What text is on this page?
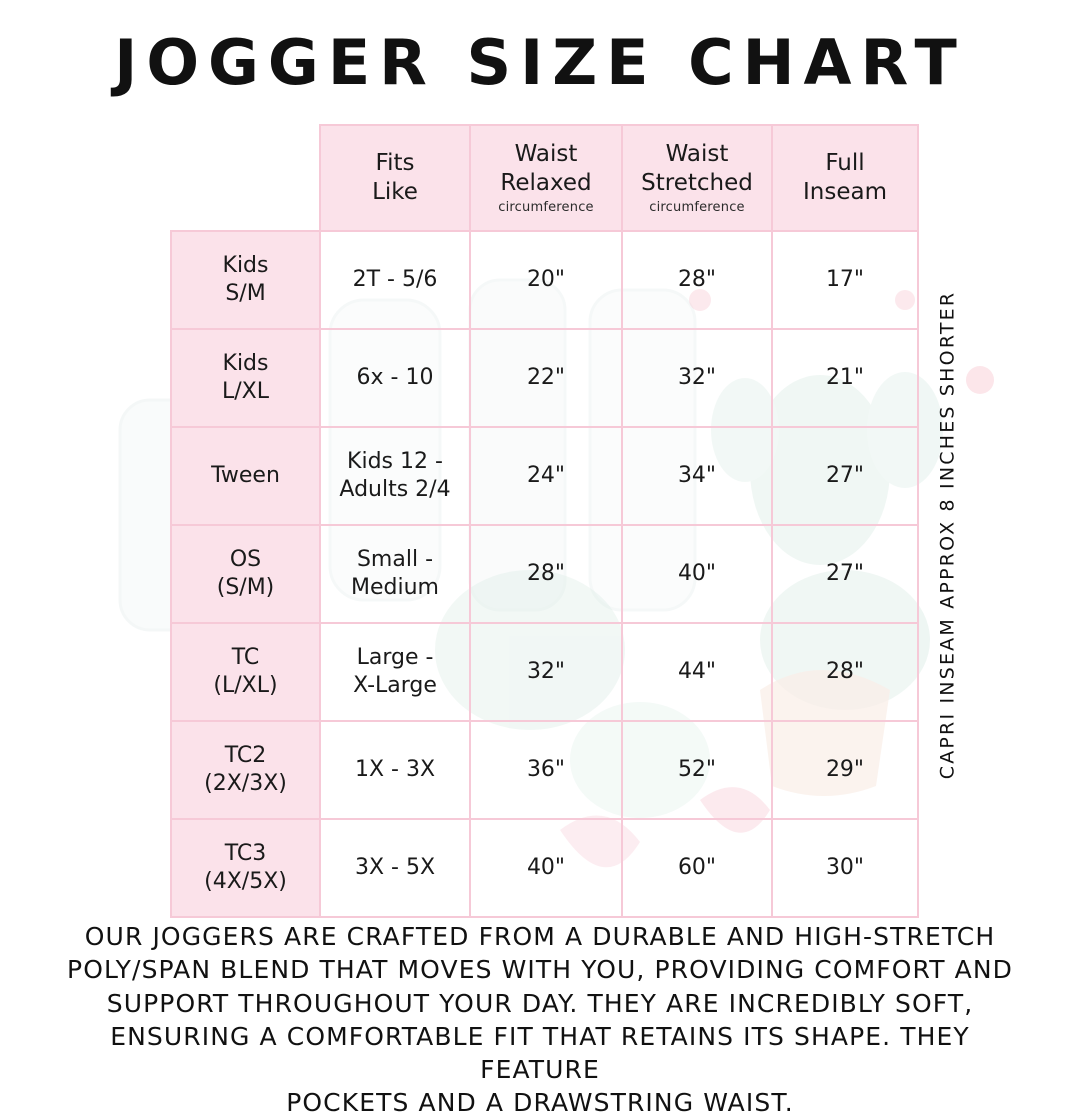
JOGGER SIZE CHART
	Fits
Like	Waist
Relaxed
circumference	Waist
Stretched
circumference	Full
Inseam
Kids
S/M	2T - 5/6	20"	28"	17"
Kids
L/XL	6x - 10	22"	32"	21"
Tween	Kids 12 -
Adults 2/4	24"	34"	27"
OS
(S/M)	Small -
Medium	28"	40"	27"
TC
(L/XL)	Large -
X-Large	32"	44"	28"
TC2
(2X/3X)	1X - 3X	36"	52"	29"
TC3
(4X/5X)	3X - 5X	40"	60"	30"
CAPRI INSEAM APPROX 8 INCHES SHORTER

OUR JOGGERS ARE CRAFTED FROM A DURABLE AND HIGH-STRETCH

POLY/SPAN BLEND THAT MOVES WITH YOU, PROVIDING COMFORT AND

SUPPORT THROUGHOUT YOUR DAY. THEY ARE INCREDIBLY SOFT,

ENSURING A COMFORTABLE FIT THAT RETAINS ITS SHAPE. THEY FEATURE

POCKETS AND A DRAWSTRING WAIST.
